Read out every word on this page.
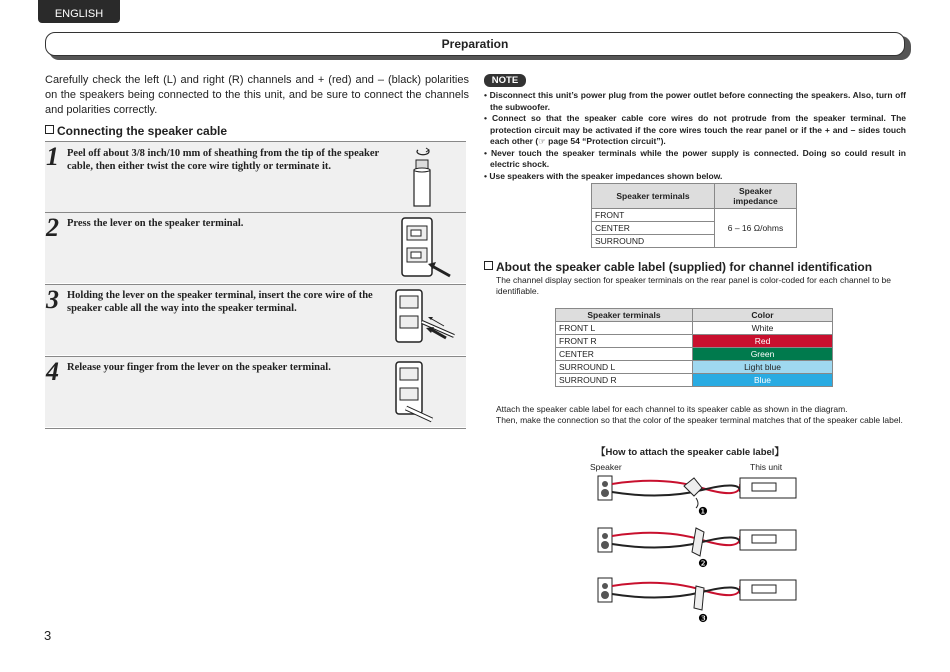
ENGLISH
Preparation
Carefully check the left (L) and right (R) channels and + (red) and – (black) polarities on the speakers being connected to the this unit, and be sure to connect the channels and polarities correctly.
Connecting the speaker cable
1 Peel off about 3/8 inch/10 mm of sheathing from the tip of the speaker cable, then either twist the core wire tightly or terminate it.
2 Press the lever on the speaker terminal.
3 Holding the lever on the speaker terminal, insert the core wire of the speaker cable all the way into the speaker terminal.
4 Release your finger from the lever on the speaker terminal.
NOTE
• Disconnect this unit’s power plug from the power outlet before connecting the speakers. Also, turn off the subwoofer.
• Connect so that the speaker cable core wires do not protrude from the speaker terminal. The protection circuit may be activated if the core wires touch the rear panel or if the + and – sides touch each other (☞ page 54 “Protection circuit”).
• Never touch the speaker terminals while the power supply is connected. Doing so could result in electric shock.
• Use speakers with the speaker impedances shown below.
Speaker terminals	Speaker impedance
FRONT	6 – 16 Ω/ohms
CENTER	
SURROUND	
About the speaker cable label (supplied) for channel identification
The channel display section for speaker terminals on the rear panel is color-coded for each channel to be identifiable.
Speaker terminals	Color
FRONT L	White
FRONT R	Red
CENTER	Green
SURROUND L	Light blue
SURROUND R	Blue
Attach the speaker cable label for each channel to its speaker cable as shown in the diagram.
Then, make the connection so that the color of the speaker terminal matches that of the speaker cable label.
【How to attach the speaker cable label】
Speaker	This unit
❶
❷
❸
3
